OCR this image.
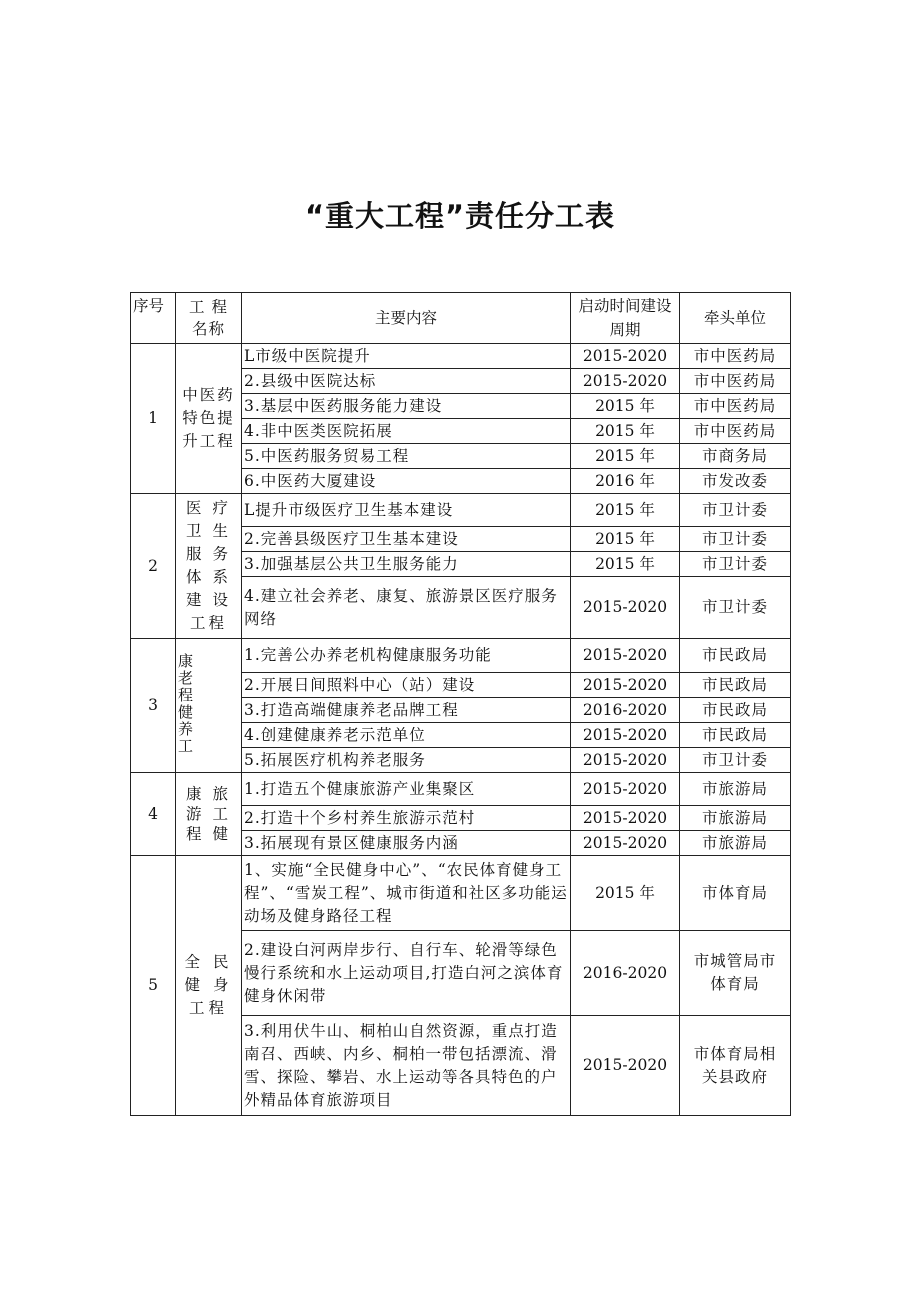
“重大工程”责任分工表
序号	工 程 名称	主要内容	启动时间建设周期	牵头单位
1	中医药特色提升工程	L市级中医院提升	2015-2020	市中医药局
		2.县级中医院达标	2015-2020	市中医药局
		3.基层中医药服务能力建设	2015 年	市中医药局
		4.非中医类医院拓展	2015 年	市中医药局
		5.中医药服务贸易工程	2015 年	市商务局
		6.中医药大厦建设	2016 年	市发改委
2	医 疗 卫 生 服 务 体 系 建 设 工程	L提升市级医疗卫生基本建设	2015 年	市卫计委
		2.完善县级医疗卫生基本建设	2015 年	市卫计委
		3.加强基层公共卫生服务能力	2015 年	市卫计委
		4.建立社会养老、康复、旅游景区医疗服务网络	2015-2020	市卫计委
3	康老程健养工	1.完善公办养老机构健康服务功能	2015-2020	市民政局
		2.开展日间照料中心（站）建设	2015-2020	市民政局
		3.打造高端健康养老品牌工程	2016-2020	市民政局
		4.创建健康养老示范单位	2015-2020	市民政局
		5.拓展医疗机构养老服务	2015-2020	市卫计委
4	康 旅游 工程 健	1.打造五个健康旅游产业集聚区	2015-2020	市旅游局
		2.打造十个乡村养生旅游示范村	2015-2020	市旅游局
		3.拓展现有景区健康服务内涵	2015-2020	市旅游局
5	全 民 健 身 工程	1、实施“全民健身中心”、“农民体育健身工程”、“雪炭工程”、城市街道和社区多功能运动场及健身路径工程	2015 年	市体育局
		2.建设白河两岸步行、自行车、轮滑等绿色慢行系统和水上运动项目,打造白河之滨体育健身休闲带	2016-2020	市城管局市体育局
		3.利用伏牛山、桐柏山自然资源，重点打造南召、西峡、内乡、桐柏一带包括漂流、滑雪、探险、攀岩、水上运动等各具特色的户外精品体育旅游项目	2015-2020	市体育局相关县政府
